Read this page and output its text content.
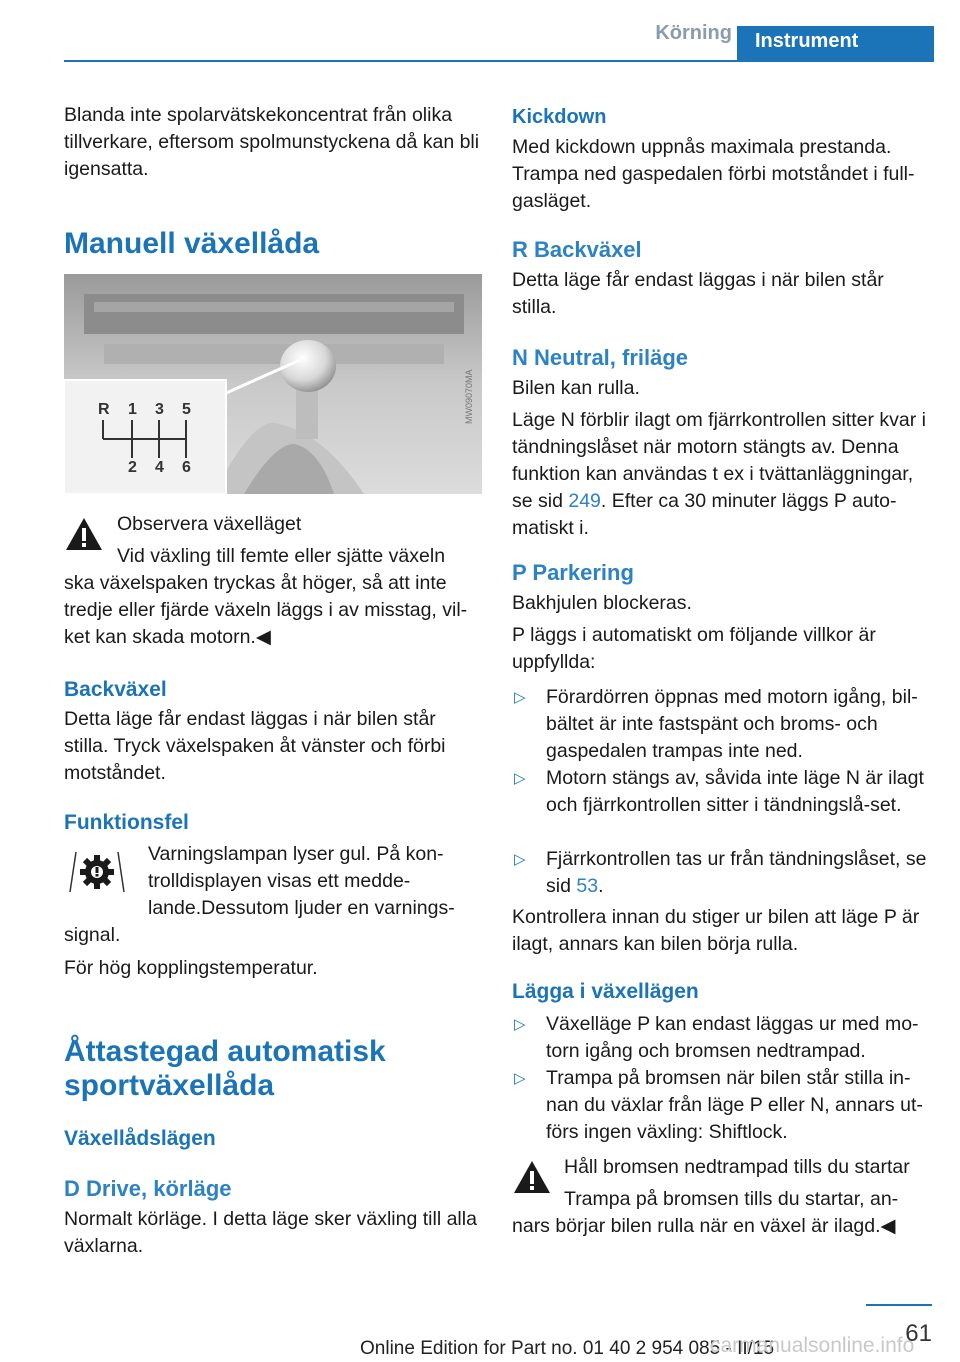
Körning	Instrument

Blanda inte spolarvätskekoncentrat från olika tillverkare, eftersom spolmunstyckena då kan bli igensatta.

Manuell växellåda
R 1 3 5
2 4 6
MW09070MA

Observera växelläget

Vid växling till femte eller sjätte växeln

ska växelspaken tryckas åt höger, så att inte tredje eller fjärde växeln läggs i av misstag, vil‐ket kan skada motorn.◀

Backväxel

Detta läge får endast läggas i när bilen står stilla. Tryck växelspaken åt vänster och förbi motståndet.

Funktionsfel

Varningslampan lyser gul. På kon‐trolldisplayen visas ett medde‐lande.Dessutom ljuder en varnings‐

signal.

För hög kopplingstemperatur.

Åttastegad automatisk
sportväxellåda
Växellådslägen
D Drive, körläge

Normalt körläge. I detta läge sker växling till alla växlarna.

Kickdown

Med kickdown uppnås maximala prestanda. Trampa ned gaspedalen förbi motståndet i full‐gasläget.

R Backväxel

Detta läge får endast läggas i när bilen står stilla.

N Neutral, friläge

Bilen kan rulla.

Läge N förblir ilagt om fjärrkontrollen sitter kvar i tändningslåset när motorn stängts av. Denna funktion kan användas t ex i tvättanläggningar, se sid 249. Efter ca 30 minuter läggs P auto‐matiskt i.

P Parkering

Bakhjulen blockeras.

P läggs i automatiskt om följande villkor är uppfyllda:

▷ Förardörren öppnas med motorn igång, bil‐bältet är inte fastspänt och broms- och gaspedalen trampas inte ned.
▷ Motorn stängs av, såvida inte läge N är ilagt och fjärrkontrollen sitter i tändningslå‐set.
▷ Fjärrkontrollen tas ur från tändningslåset, se sid 53.

Kontrollera innan du stiger ur bilen att läge P är ilagt, annars kan bilen börja rulla.

Lägga i växellägen
▷ Växelläge P kan endast läggas ur med mo‐torn igång och bromsen nedtrampad.
▷ Trampa på bromsen när bilen står stilla in‐nan du växlar från läge P eller N, annars ut‐förs ingen växling: Shiftlock.

Håll bromsen nedtrampad tills du startar

Trampa på bromsen tills du startar, an‐

nars börjar bilen rulla när en växel är ilagd.◀

61
Online Edition for Part no. 01 40 2 954 085 - II/15
carmanualsonline.info
